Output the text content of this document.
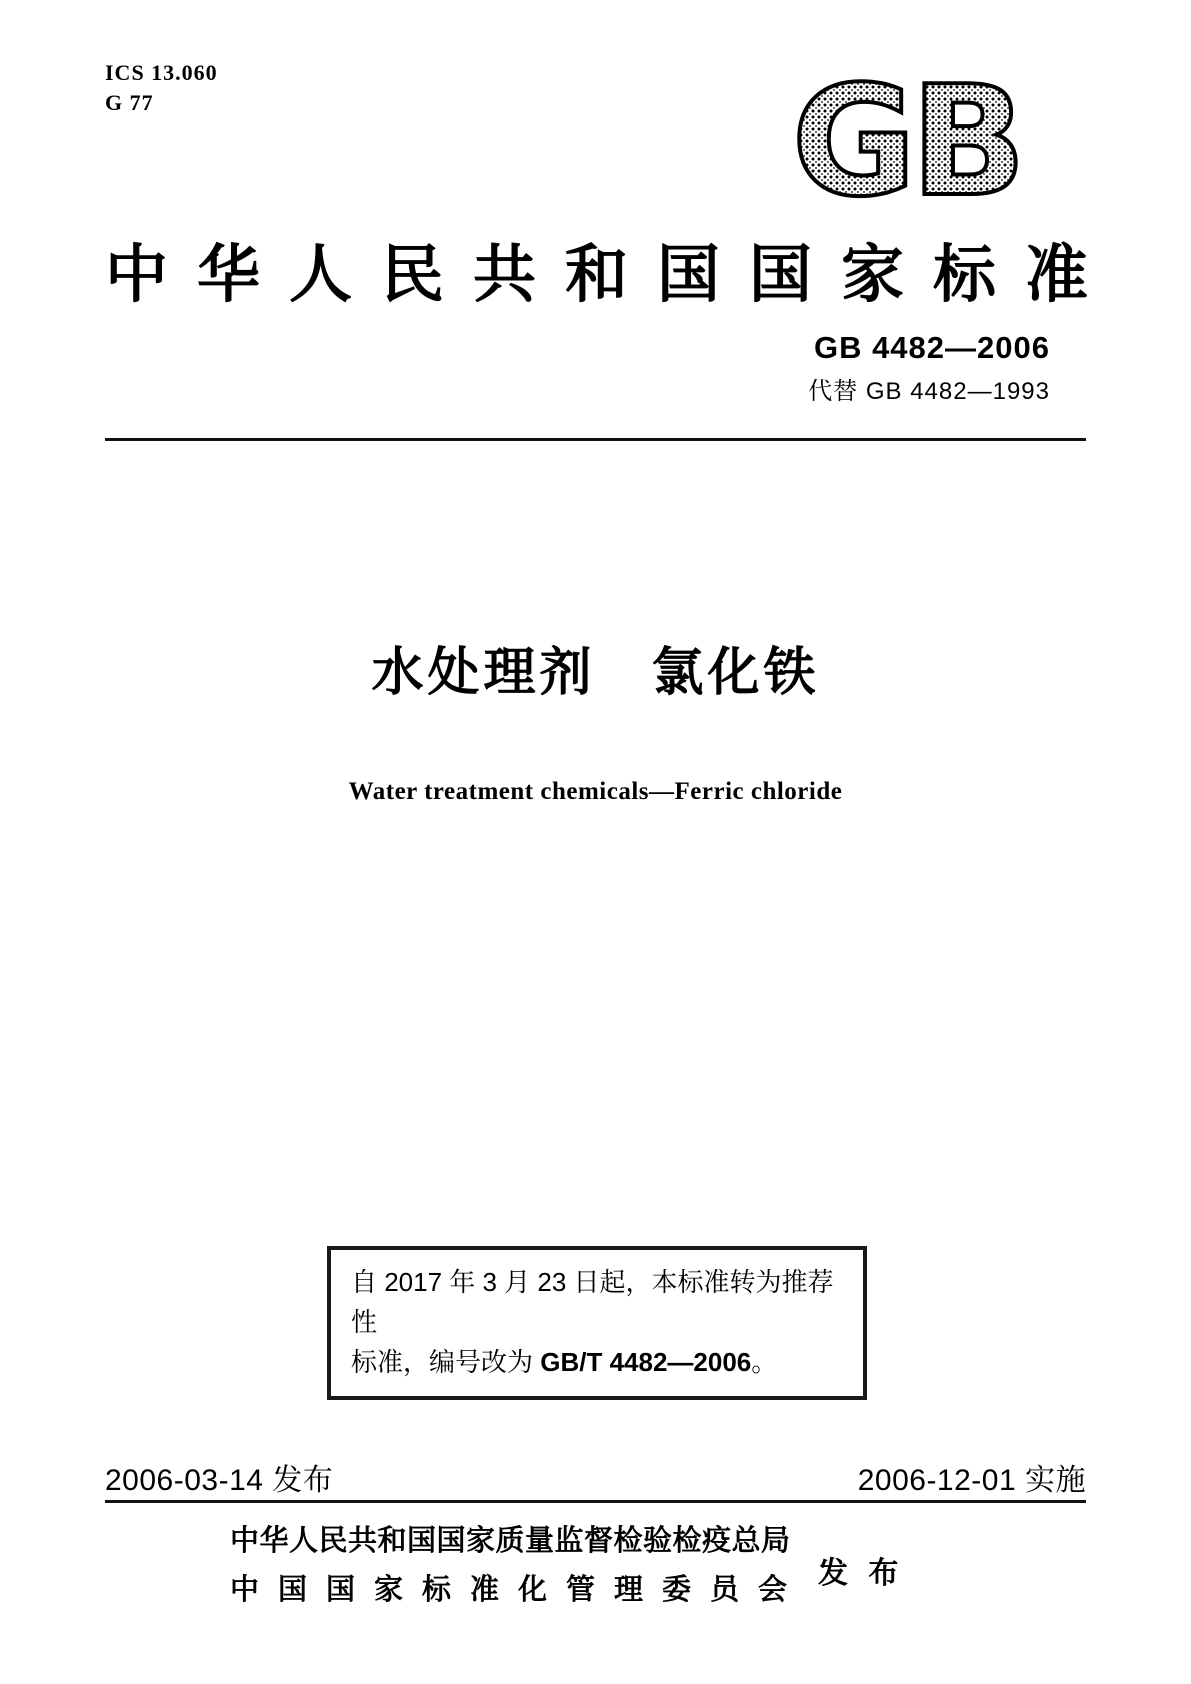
ICS 13.060
G 77	GB
中华人民共和国国家标准
GB 4482—2006
代替 GB 4482—1993
水处理剂　氯化铁
Water treatment chemicals—Ferric chloride
自 2017 年 3 月 23 日起，本标准转为推荐性
标准，编号改为 GB/T 4482—2006。
2006-03-14 发布	2006-12-01 实施
中华人民共和国国家质量监督检验检疫总局
中国国家标准化管理委员会 发 布
